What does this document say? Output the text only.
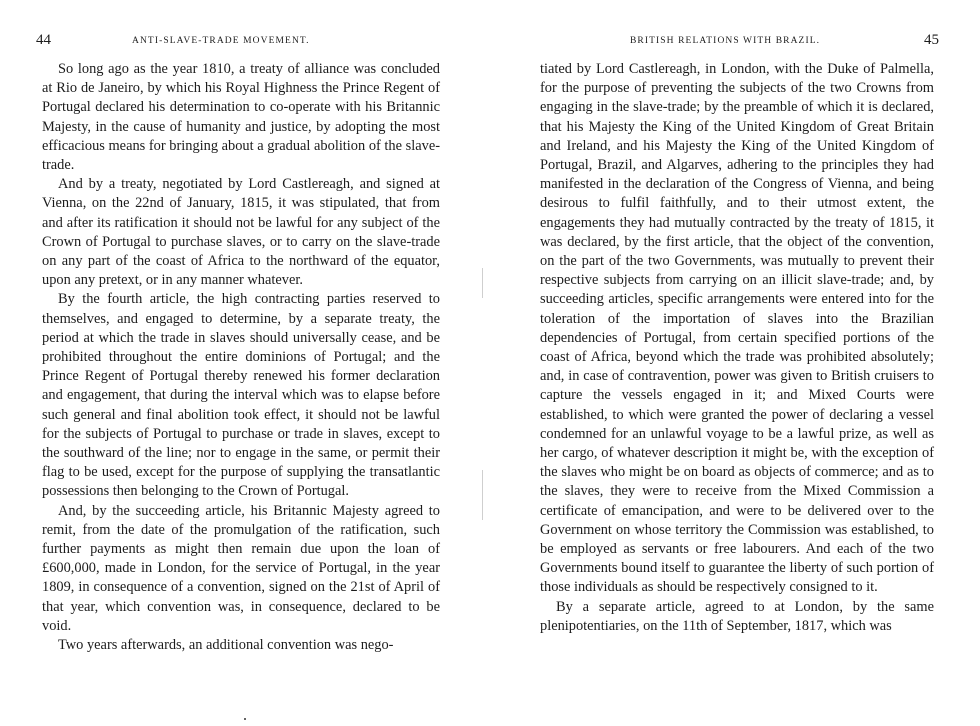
44	ANTI-SLAVE-TRADE MOVEMENT.

So long ago as the year 1810, a treaty of alliance was concluded at Rio de Janeiro, by which his Royal Highness the Prince Regent of Portugal declared his determination to co-operate with his Britannic Majesty, in the cause of humanity and justice, by adopting the most efficacious means for bringing about a gradual abolition of the slave-trade.

And by a treaty, negotiated by Lord Castlereagh, and signed at Vienna, on the 22nd of January, 1815, it was stipulated, that from and after its ratification it should not be lawful for any subject of the Crown of Portugal to purchase slaves, or to carry on the slave-trade on any part of the coast of Africa to the northward of the equator, upon any pretext, or in any manner whatever.

By the fourth article, the high contracting parties reserved to themselves, and engaged to determine, by a separate treaty, the period at which the trade in slaves should universally cease, and be prohibited throughout the entire dominions of Portugal; and the Prince Regent of Portugal thereby renewed his former declaration and engagement, that during the interval which was to elapse before such general and final abolition took effect, it should not be lawful for the subjects of Portugal to purchase or trade in slaves, except to the southward of the line; nor to engage in the same, or permit their flag to be used, except for the purpose of supplying the transatlantic possessions then belonging to the Crown of Portugal.

And, by the succeeding article, his Britannic Majesty agreed to remit, from the date of the promulgation of the ratification, such further payments as might then remain due upon the loan of £600,000, made in London, for the service of Portugal, in the year 1809, in consequence of a convention, signed on the 21st of April of that year, which convention was, in consequence, declared to be void.

Two years afterwards, an additional convention was nego-

BRITISH RELATIONS WITH BRAZIL.	45

tiated by Lord Castlereagh, in London, with the Duke of Palmella, for the purpose of preventing the subjects of the two Crowns from engaging in the slave-trade; by the preamble of which it is declared, that his Majesty the King of the United Kingdom of Great Britain and Ireland, and his Majesty the King of the United Kingdom of Portugal, Brazil, and Algarves, adhering to the principles they had manifested in the declaration of the Congress of Vienna, and being desirous to fulfil faithfully, and to their utmost extent, the engagements they had mutually contracted by the treaty of 1815, it was declared, by the first article, that the object of the convention, on the part of the two Governments, was mutually to prevent their respective subjects from carrying on an illicit slave-trade; and, by succeeding articles, specific arrangements were entered into for the toleration of the importation of slaves into the Brazilian dependencies of Portugal, from certain specified portions of the coast of Africa, beyond which the trade was prohibited absolutely; and, in case of contravention, power was given to British cruisers to capture the vessels engaged in it; and Mixed Courts were established, to which were granted the power of declaring a vessel condemned for an unlawful voyage to be a lawful prize, as well as her cargo, of whatever description it might be, with the exception of the slaves who might be on board as objects of commerce; and as to the slaves, they were to receive from the Mixed Commission a certificate of emancipation, and were to be delivered over to the Government on whose territory the Commission was established, to be employed as servants or free labourers. And each of the two Governments bound itself to guarantee the liberty of such portion of those individuals as should be respectively consigned to it.

By a separate article, agreed to at London, by the same plenipotentiaries, on the 11th of September, 1817, which was
